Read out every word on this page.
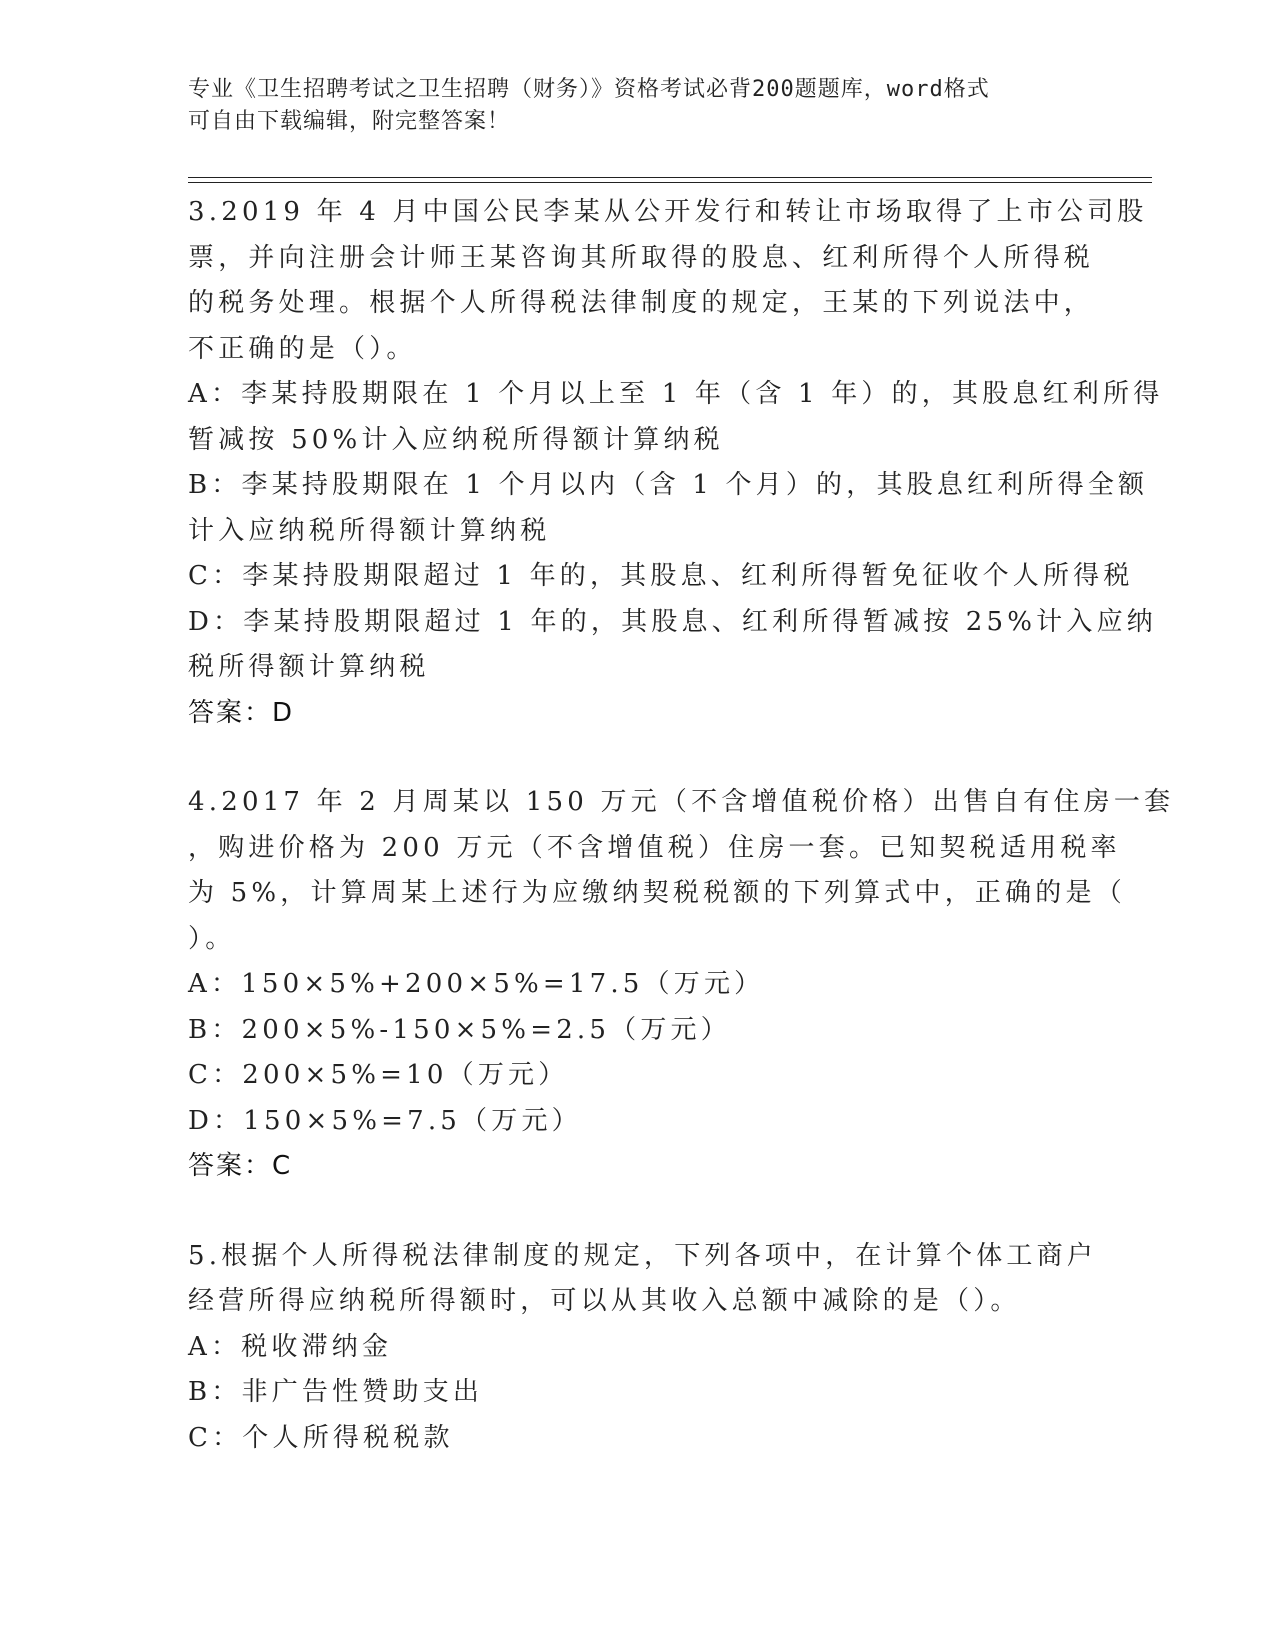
专业《卫生招聘考试之卫生招聘（财务）》资格考试必背200题题库，word格式
可自由下载编辑，附完整答案！
3.2019 年 4 月中国公民李某从公开发行和转让市场取得了上市公司股
票，并向注册会计师王某咨询其所取得的股息、红利所得个人所得税
的税务处理。根据个人所得税法律制度的规定，王某的下列说法中，
不正确的是（）。
A：李某持股期限在 1 个月以上至 1 年（含 1 年）的，其股息红利所得
暂减按 50%计入应纳税所得额计算纳税
B：李某持股期限在 1 个月以内（含 1 个月）的，其股息红利所得全额
计入应纳税所得额计算纳税
C：李某持股期限超过 1 年的，其股息、红利所得暂免征收个人所得税
D：李某持股期限超过 1 年的，其股息、红利所得暂减按 25%计入应纳
税所得额计算纳税
答案：D
4.2017 年 2 月周某以 150 万元（不含增值税价格）出售自有住房一套
，购进价格为 200 万元（不含增值税）住房一套。已知契税适用税率
为 5%，计算周某上述行为应缴纳契税税额的下列算式中，正确的是（
）。
A：150×5%+200×5%=17.5（万元）
B：200×5%-150×5%=2.5（万元）
C：200×5%=10（万元）
D：150×5%=7.5（万元）
答案：C
5.根据个人所得税法律制度的规定，下列各项中，在计算个体工商户
经营所得应纳税所得额时，可以从其收入总额中减除的是（）。
A：税收滞纳金
B：非广告性赞助支出
C：个人所得税税款
